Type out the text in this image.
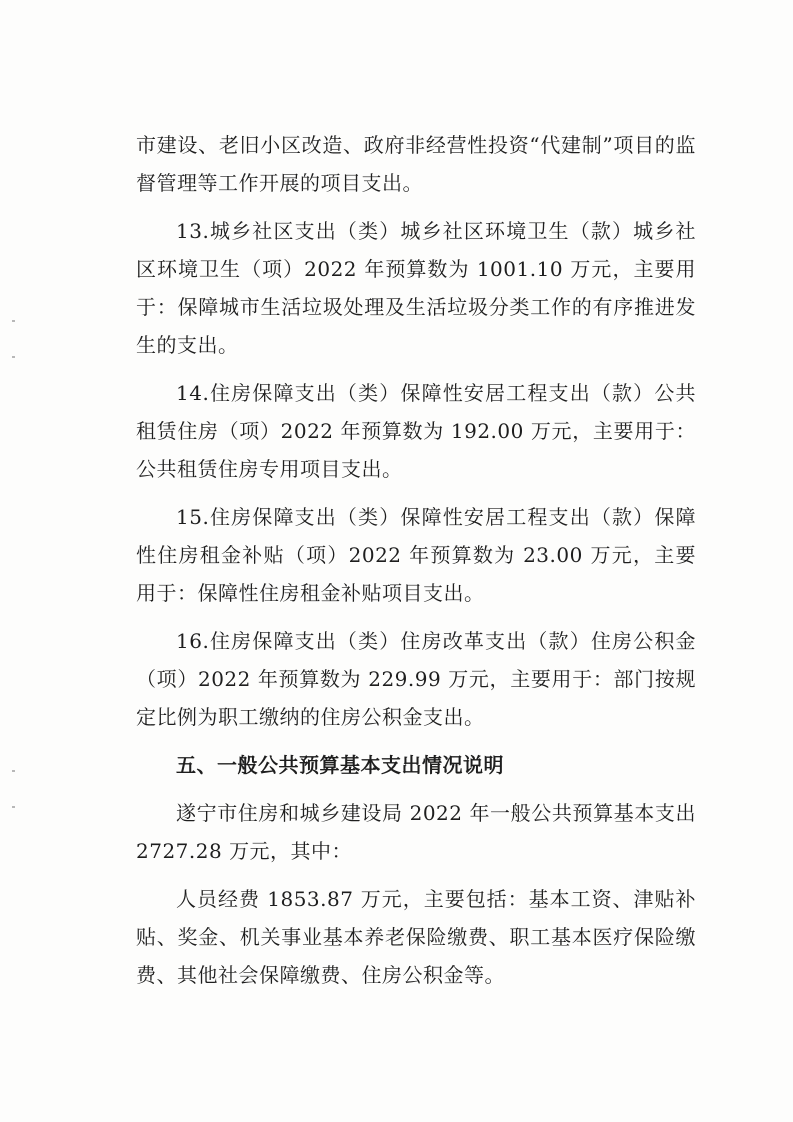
市建设、老旧小区改造、政府非经营性投资“代建制”项目的监督管理等工作开展的项目支出。

13.城乡社区支出（类）城乡社区环境卫生（款）城乡社区环境卫生（项）2022 年预算数为 1001.10 万元，主要用于：保障城市生活垃圾处理及生活垃圾分类工作的有序推进发生的支出。

14.住房保障支出（类）保障性安居工程支出（款）公共租赁住房（项）2022 年预算数为 192.00 万元，主要用于：公共租赁住房专用项目支出。

15.住房保障支出（类）保障性安居工程支出（款）保障性住房租金补贴（项）2022 年预算数为 23.00 万元，主要用于：保障性住房租金补贴项目支出。

16.住房保障支出（类）住房改革支出（款）住房公积金（项）2022 年预算数为 229.99 万元，主要用于：部门按规定比例为职工缴纳的住房公积金支出。

五、一般公共预算基本支出情况说明

遂宁市住房和城乡建设局 2022 年一般公共预算基本支出 2727.28 万元，其中：

人员经费 1853.87 万元，主要包括：基本工资、津贴补贴、奖金、机关事业基本养老保险缴费、职工基本医疗保险缴费、其他社会保障缴费、住房公积金等。
